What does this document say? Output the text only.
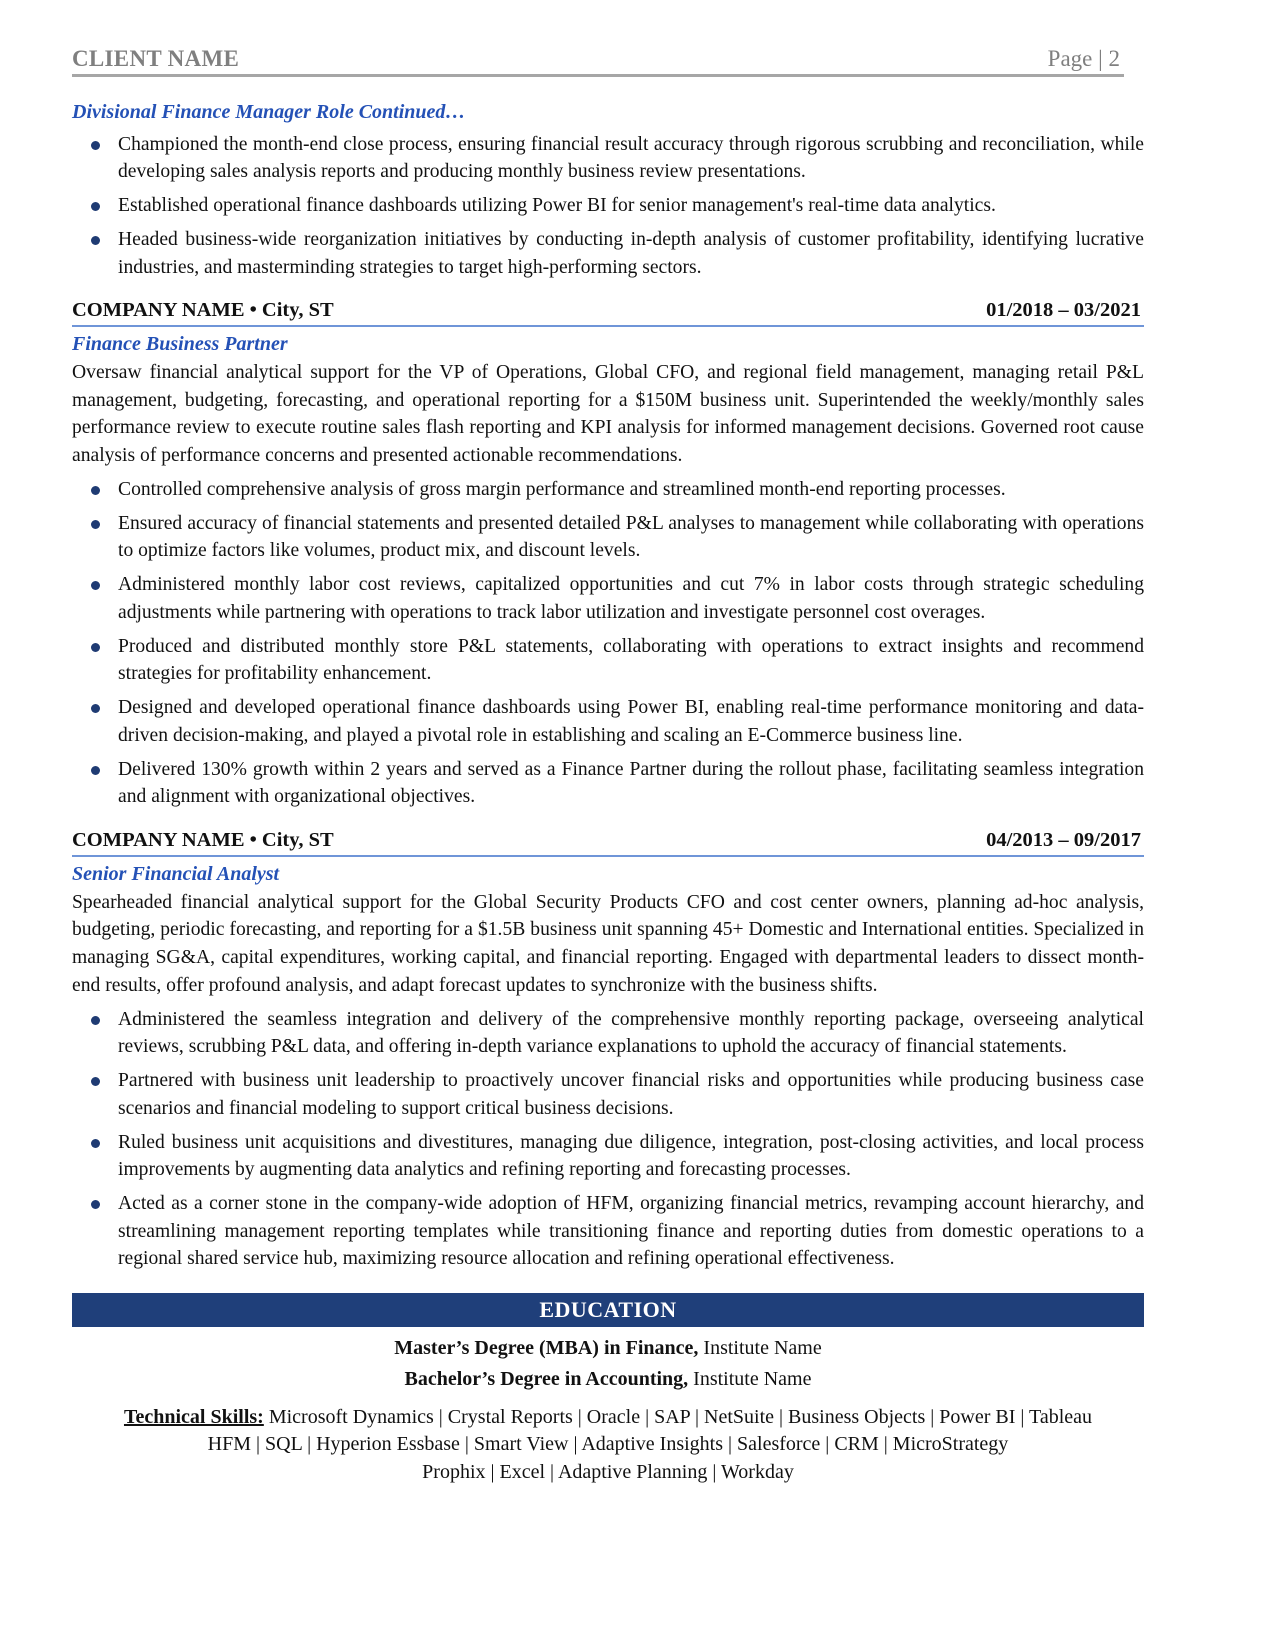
CLIENT NAME	Page | 2
Divisional Finance Manager Role Continued…
Championed the month-end close process, ensuring financial result accuracy through rigorous scrubbing and reconciliation, while developing sales analysis reports and producing monthly business review presentations.
Established operational finance dashboards utilizing Power BI for senior management's real-time data analytics.
Headed business-wide reorganization initiatives by conducting in-depth analysis of customer profitability, identifying lucrative industries, and masterminding strategies to target high-performing sectors.
COMPANY NAME • City, ST	01/2018 – 03/2021
Finance Business Partner
Oversaw financial analytical support for the VP of Operations, Global CFO, and regional field management, managing retail P&L management, budgeting, forecasting, and operational reporting for a $150M business unit. Superintended the weekly/monthly sales performance review to execute routine sales flash reporting and KPI analysis for informed management decisions. Governed root cause analysis of performance concerns and presented actionable recommendations.
Controlled comprehensive analysis of gross margin performance and streamlined month-end reporting processes.
Ensured accuracy of financial statements and presented detailed P&L analyses to management while collaborating with operations to optimize factors like volumes, product mix, and discount levels.
Administered monthly labor cost reviews, capitalized opportunities and cut 7% in labor costs through strategic scheduling adjustments while partnering with operations to track labor utilization and investigate personnel cost overages.
Produced and distributed monthly store P&L statements, collaborating with operations to extract insights and recommend strategies for profitability enhancement.
Designed and developed operational finance dashboards using Power BI, enabling real-time performance monitoring and data-driven decision-making, and played a pivotal role in establishing and scaling an E-Commerce business line.
Delivered 130% growth within 2 years and served as a Finance Partner during the rollout phase, facilitating seamless integration and alignment with organizational objectives.
COMPANY NAME • City, ST	04/2013 – 09/2017
Senior Financial Analyst
Spearheaded financial analytical support for the Global Security Products CFO and cost center owners, planning ad-hoc analysis, budgeting, periodic forecasting, and reporting for a $1.5B business unit spanning 45+ Domestic and International entities. Specialized in managing SG&A, capital expenditures, working capital, and financial reporting. Engaged with departmental leaders to dissect month-end results, offer profound analysis, and adapt forecast updates to synchronize with the business shifts.
Administered the seamless integration and delivery of the comprehensive monthly reporting package, overseeing analytical reviews, scrubbing P&L data, and offering in-depth variance explanations to uphold the accuracy of financial statements.
Partnered with business unit leadership to proactively uncover financial risks and opportunities while producing business case scenarios and financial modeling to support critical business decisions.
Ruled business unit acquisitions and divestitures, managing due diligence, integration, post-closing activities, and local process improvements by augmenting data analytics and refining reporting and forecasting processes.
Acted as a corner stone in the company-wide adoption of HFM, organizing financial metrics, revamping account hierarchy, and streamlining management reporting templates while transitioning finance and reporting duties from domestic operations to a regional shared service hub, maximizing resource allocation and refining operational effectiveness.
EDUCATION
Master’s Degree (MBA) in Finance, Institute Name
Bachelor’s Degree in Accounting, Institute Name
Technical Skills: Microsoft Dynamics | Crystal Reports | Oracle | SAP | NetSuite | Business Objects | Power BI | Tableau
HFM | SQL | Hyperion Essbase | Smart View | Adaptive Insights | Salesforce | CRM | MicroStrategy
Prophix | Excel | Adaptive Planning | Workday
